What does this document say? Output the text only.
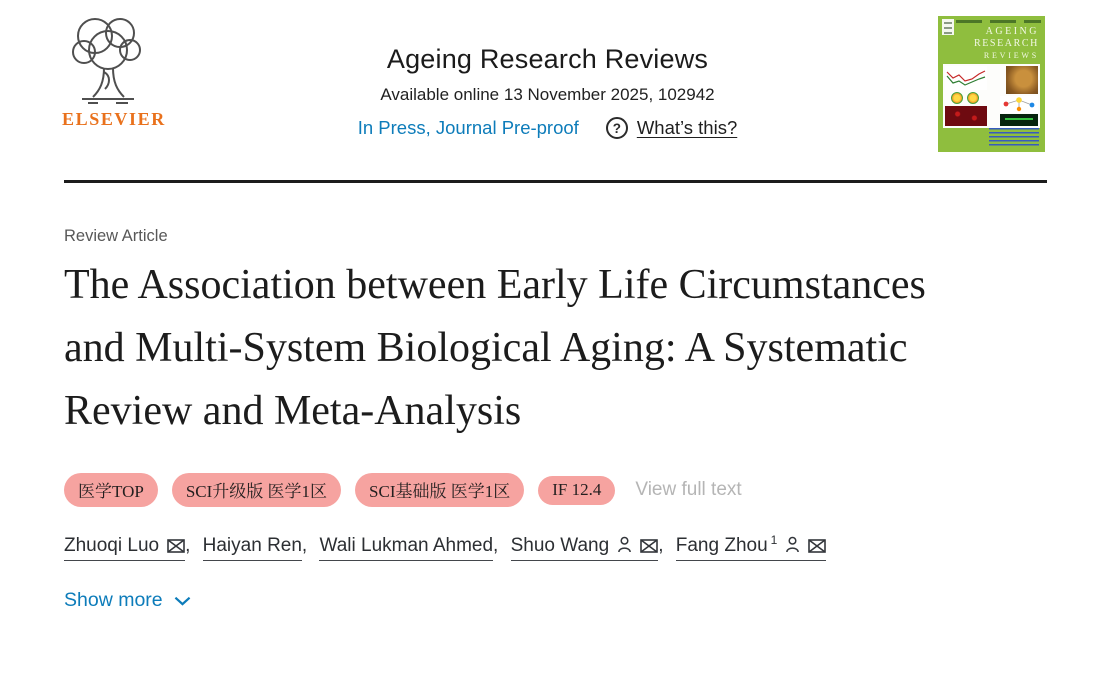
ELSEVIER
Ageing Research Reviews
Available online 13 November 2025, 102942
In Press, Journal Pre-proof	? What’s this?
AGEING
RESEARCH
REVIEWS
Review Article
The Association between Early Life Circumstances and Multi-System Biological Aging: A Systematic Review and Meta-Analysis
医学TOP	SCI升级版 医学1区	SCI基础版 医学1区	IF 12.4	View full text
Zhuoqi Luo , Haiyan Ren, Wali Lukman Ahmed, Shuo Wang	, Fang Zhou $^1$
Show more
